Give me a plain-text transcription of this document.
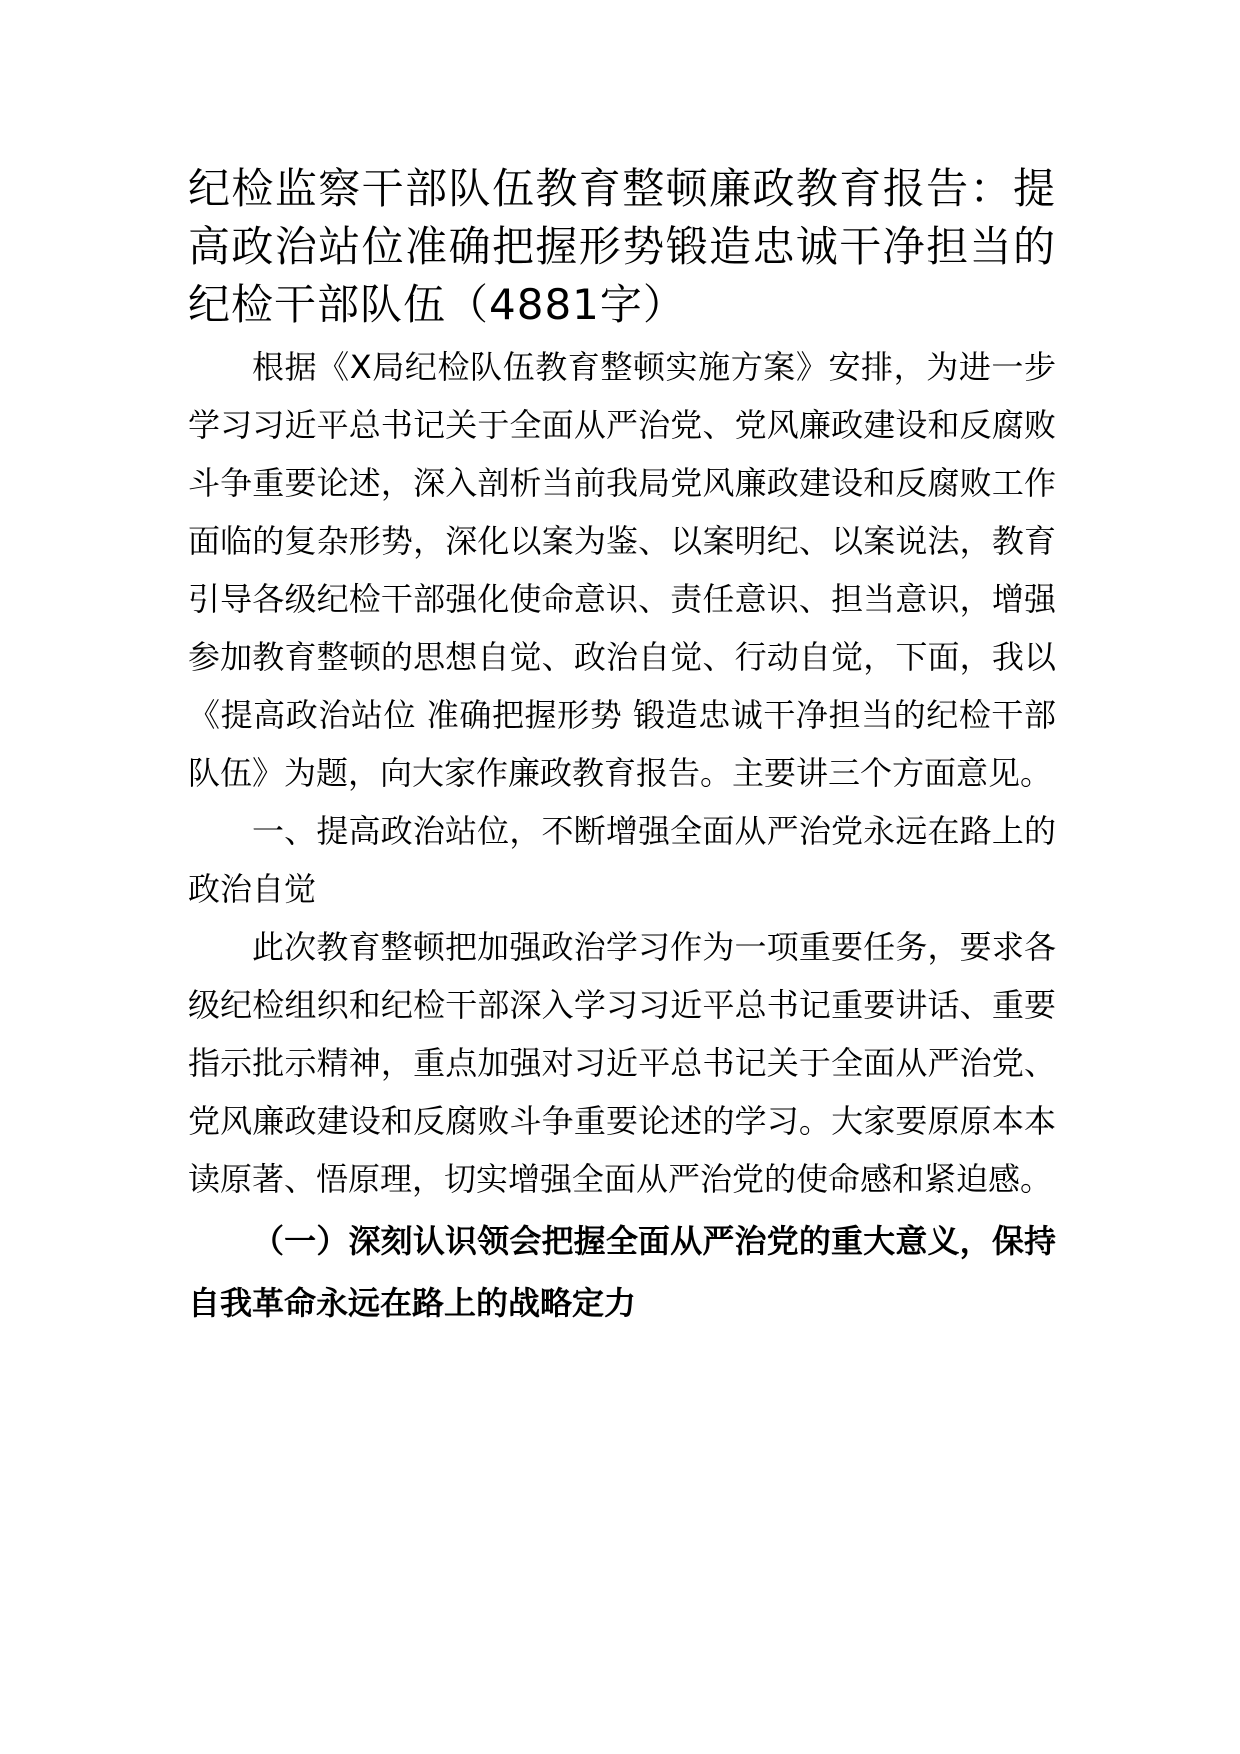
纪检监察干部队伍教育整顿廉政教育报告：提高政治站位准确把握形势锻造忠诚干净担当的纪检干部队伍（4881字）

根据《X局纪检队伍教育整顿实施方案》安排，为进一步学习习近平总书记关于全面从严治党、党风廉政建设和反腐败斗争重要论述，深入剖析当前我局党风廉政建设和反腐败工作面临的复杂形势，深化以案为鉴、以案明纪、以案说法，教育引导各级纪检干部强化使命意识、责任意识、担当意识，增强参加教育整顿的思想自觉、政治自觉、行动自觉，下面，我以《提高政治站位 准确把握形势 锻造忠诚干净担当的纪检干部队伍》为题，向大家作廉政教育报告。主要讲三个方面意见。

一、提高政治站位，不断增强全面从严治党永远在路上的政治自觉

此次教育整顿把加强政治学习作为一项重要任务，要求各级纪检组织和纪检干部深入学习习近平总书记重要讲话、重要指示批示精神，重点加强对习近平总书记关于全面从严治党、党风廉政建设和反腐败斗争重要论述的学习。大家要原原本本读原著、悟原理，切实增强全面从严治党的使命感和紧迫感。

（一）深刻认识领会把握全面从严治党的重大意义，保持自我革命永远在路上的战略定力
